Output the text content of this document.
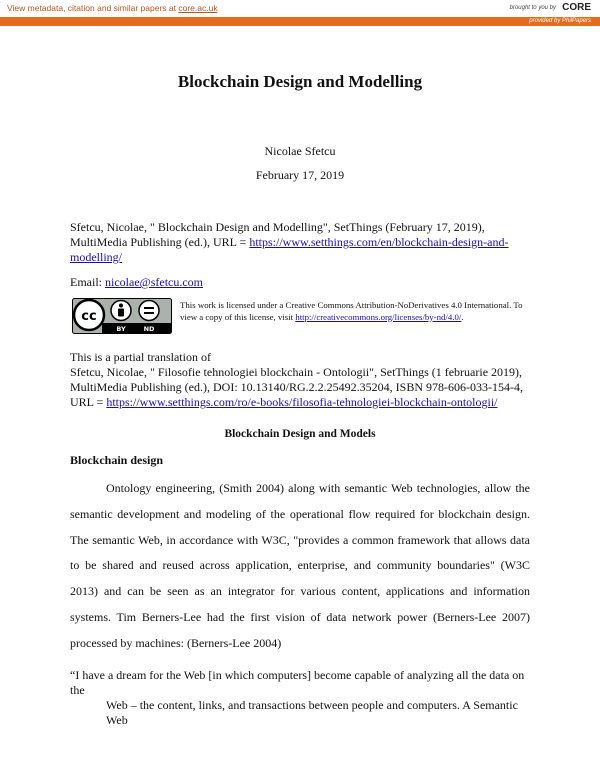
View metadata, citation and similar papers at core.ac.uk	brought to you by CORE
provided by PhilPapers
Blockchain Design and Modelling
Nicolae Sfetcu
February 17, 2019
Sfetcu, Nicolae, " Blockchain Design and Modelling", SetThings (February 17, 2019), MultiMedia Publishing (ed.), URL = https://www.setthings.com/en/blockchain-design-and-modelling/
Email: nicolae@sfetcu.com
cc
BY	ND
This work is licensed under a Creative Commons Attribution-NoDerivatives 4.0 International. To view a copy of this license, visit http://creativecommons.org/licenses/by-nd/4.0/.
This is a partial translation of
Sfetcu, Nicolae, " Filosofie tehnologiei blockchain - Ontologii", SetThings (1 februarie 2019), MultiMedia Publishing (ed.), DOI: 10.13140/RG.2.2.25492.35204, ISBN 978-606-033-154-4, URL = https://www.setthings.com/ro/e-books/filosofia-tehnologiei-blockchain-ontologii/
Blockchain Design and Models
Blockchain design
Ontology engineering, (Smith 2004) along with semantic Web technologies, allow the semantic development and modeling of the operational flow required for blockchain design. The semantic Web, in accordance with W3C, "provides a common framework that allows data to be shared and reused across application, enterprise, and community boundaries" (W3C 2013) and can be seen as an integrator for various content, applications and information systems. Tim Berners-Lee had the first vision of data network power (Berners-Lee 2007) processed by machines: (Berners-Lee 2004)
“I have a dream for the Web [in which computers] become capable of analyzing all the data on the
Web – the content, links, and transactions between people and computers. A Semantic Web
